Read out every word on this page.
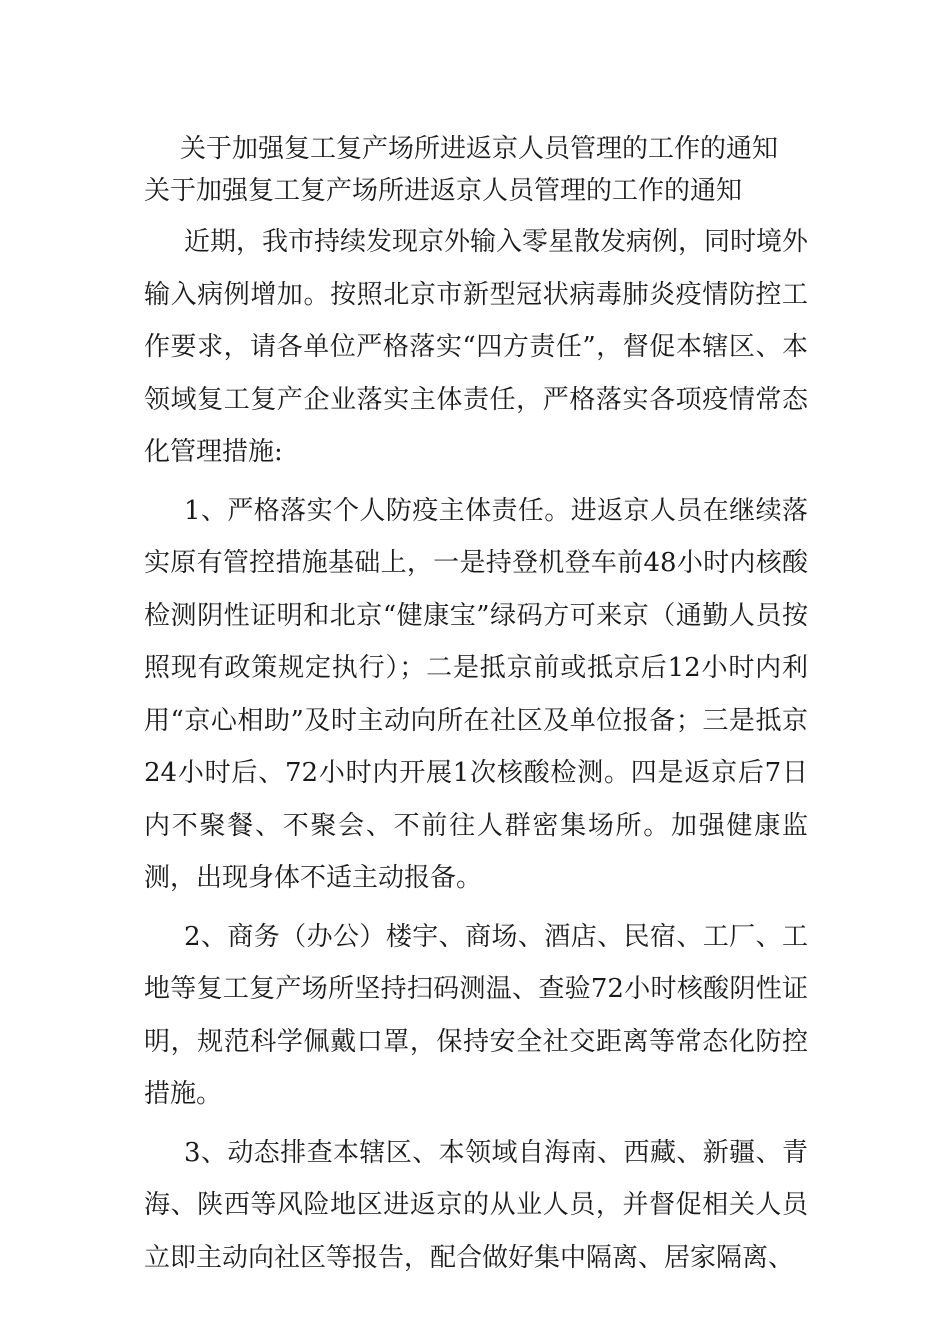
关于加强复工复产场所进返京人员管理的工作的通知

关于加强复工复产场所进返京人员管理的工作的通知

近期，我市持续发现京外输入零星散发病例，同时境外输入病例增加。按照北京市新型冠状病毒肺炎疫情防控工作要求，请各单位严格落实“四方责任”，督促本辖区、本领域复工复产企业落实主体责任，严格落实各项疫情常态化管理措施:

1、严格落实个人防疫主体责任。进返京人员在继续落实原有管控措施基础上，一是持登机登车前48小时内核酸检测阴性证明和北京“健康宝”绿码方可来京（通勤人员按照现有政策规定执行）；二是抵京前或抵京后12小时内利用“京心相助”及时主动向所在社区及单位报备；三是抵京24小时后、72小时内开展1次核酸检测。四是返京后7日内不聚餐、不聚会、不前往人群密集场所。加强健康监测，出现身体不适主动报备。

2、商务（办公）楼宇、商场、酒店、民宿、工厂、工地等复工复产场所坚持扫码测温、查验72小时核酸阴性证明，规范科学佩戴口罩，保持安全社交距离等常态化防控措施。

3、动态排查本辖区、本领域自海南、西藏、新疆、青海、陕西等风险地区进返京的从业人员，并督促相关人员立即主动向社区等报告，配合做好集中隔离、居家隔离、
